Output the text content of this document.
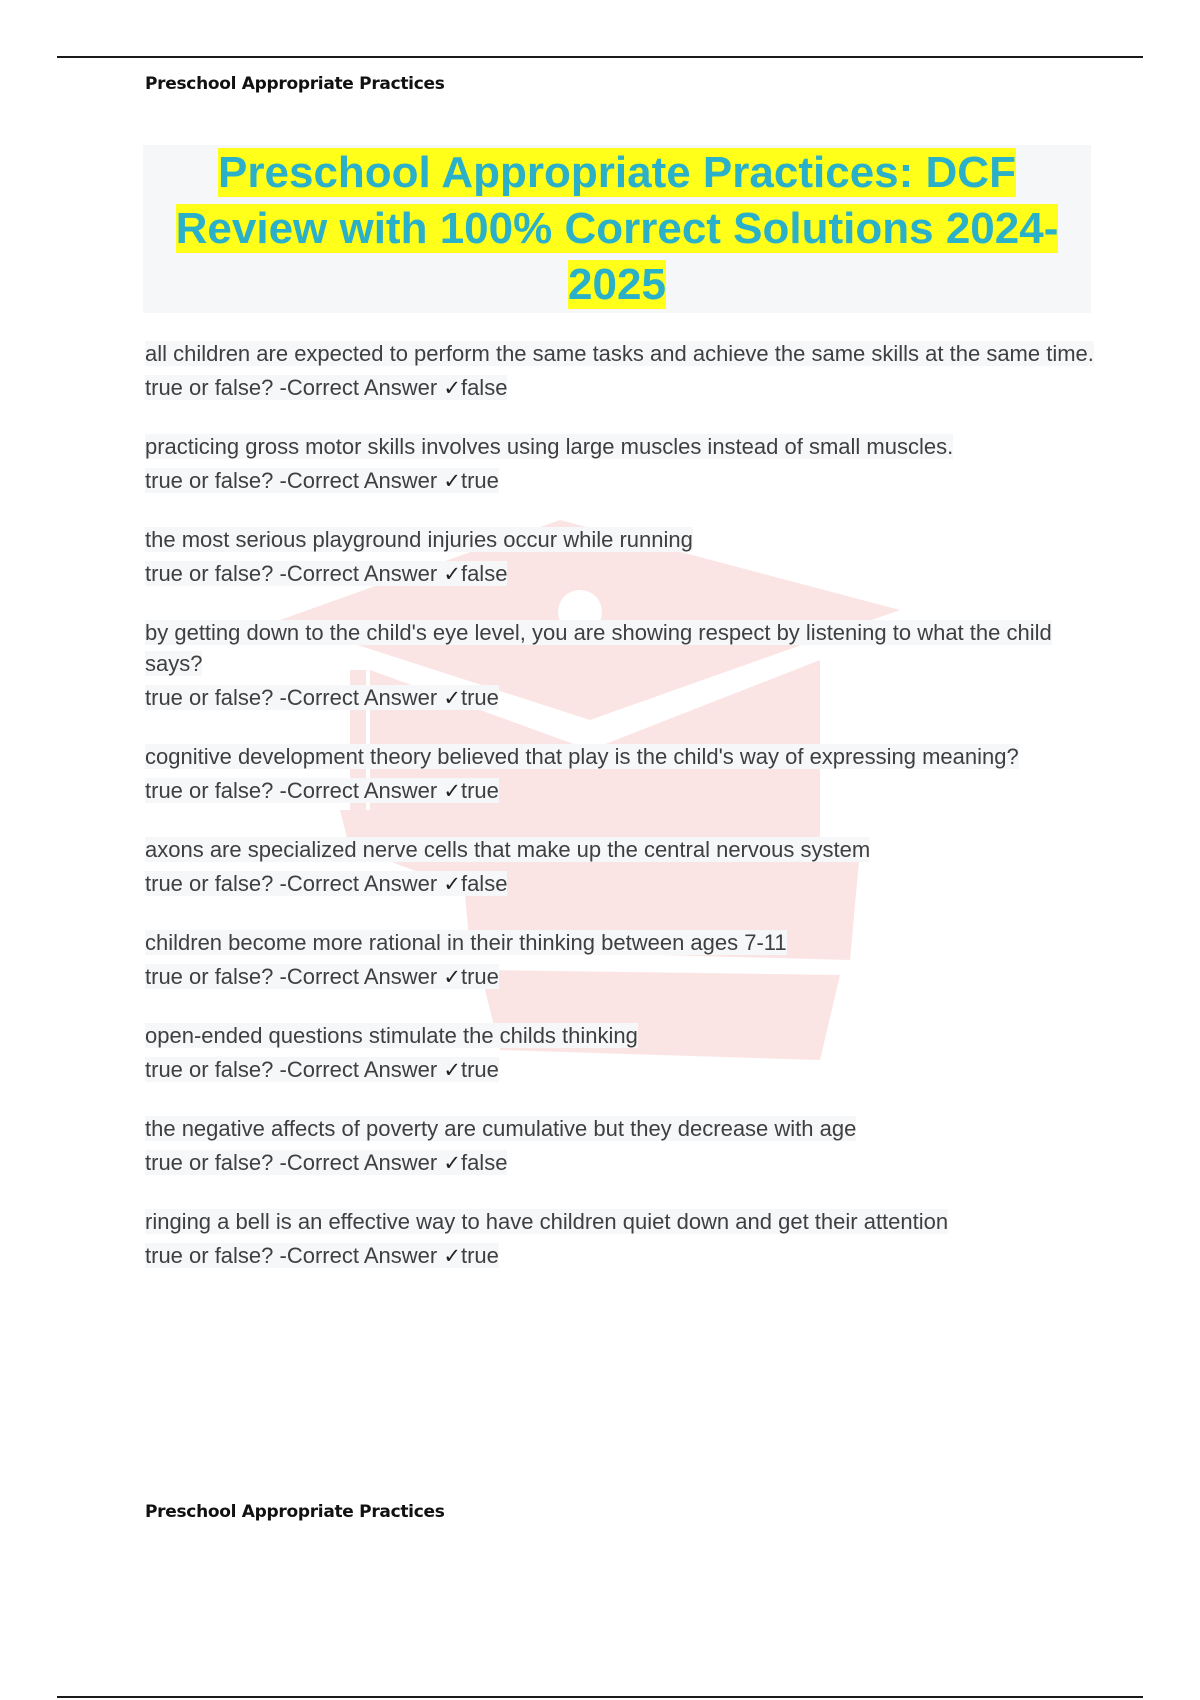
Preschool Appropriate Practices
Preschool Appropriate Practices: DCF Review with 100% Correct Solutions 2024-2025
all children are expected to perform the same tasks and achieve the same skills at the same time.
true or false? -Correct Answer ✓false
practicing gross motor skills involves using large muscles instead of small muscles.
true or false? -Correct Answer ✓true
the most serious playground injuries occur while running
true or false? -Correct Answer ✓false
by getting down to the child's eye level, you are showing respect by listening to what the child says?
true or false? -Correct Answer ✓true
cognitive development theory believed that play is the child's way of expressing meaning?
true or false? -Correct Answer ✓true
axons are specialized nerve cells that make up the central nervous system
true or false? -Correct Answer ✓false
children become more rational in their thinking between ages 7-11
true or false? -Correct Answer ✓true
open-ended questions stimulate the childs thinking
true or false? -Correct Answer ✓true
the negative affects of poverty are cumulative but they decrease with age
true or false? -Correct Answer ✓false
ringing a bell is an effective way to have children quiet down and get their attention
true or false? -Correct Answer ✓true
Preschool Appropriate Practices
